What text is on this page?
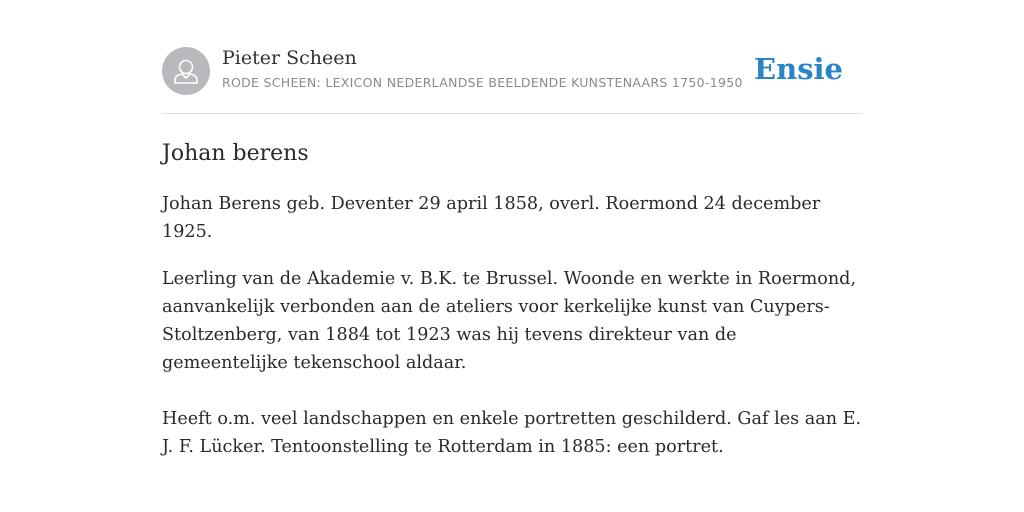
Pieter Scheen
RODE SCHEEN: LEXICON NEDERLANDSE BEELDENDE KUNSTENAARS 1750-1950 Ensie
Johan berens

Johan Berens geb. Deventer 29 april 1858, overl. Roermond 24 december 1925.

Leerling van de Akademie v. B.K. te Brussel. Woonde en werkte in Roermond, aanvankelijk verbonden aan de ateliers voor kerkelijke kunst van Cuypers-Stoltzenberg, van 1884 tot 1923 was hij tevens direkteur van de gemeentelijke tekenschool aldaar.

Heeft o.m. veel landschappen en enkele portretten geschilderd. Gaf les aan E. J. F. Lücker. Tentoonstelling te Rotterdam in 1885: een portret.
